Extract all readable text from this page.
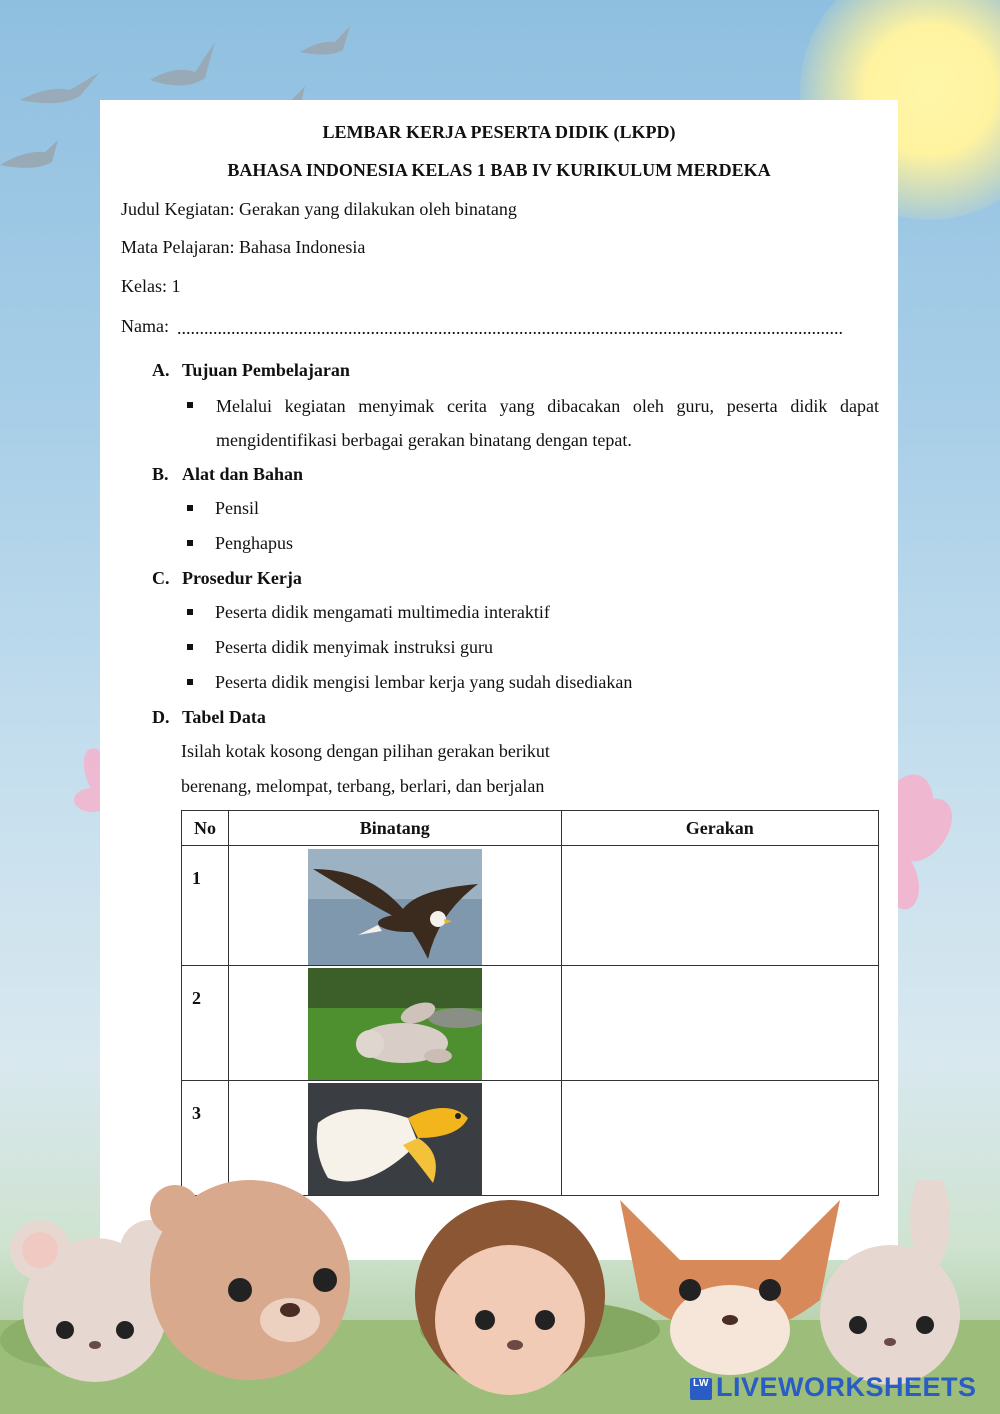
LEMBAR KERJA PESERTA DIDIK (LKPD)
BAHASA INDONESIA KELAS 1 BAB IV KURIKULUM MERDEKA
Judul Kegiatan: Gerakan yang dilakukan oleh binatang
Mata Pelajaran: Bahasa Indonesia
Kelas: 1
Nama: ....................................................................................................................................................
A. Tujuan Pembelajaran
Melalui kegiatan menyimak cerita yang dibacakan oleh guru, peserta didik dapat mengidentifikasi berbagai gerakan binatang dengan tepat.
B. Alat dan Bahan
Pensil
Penghapus
C. Prosedur Kerja
Peserta didik mengamati multimedia interaktif
Peserta didik menyimak instruksi guru
Peserta didik mengisi lembar kerja yang sudah disediakan
D. Tabel Data
Isilah kotak kosong dengan pilihan gerakan berikut
berenang, melompat, terbang, berlari, dan berjalan
No	Binatang	Gerakan
1	

2	

3	

LW LIVEWORKSHEETS
